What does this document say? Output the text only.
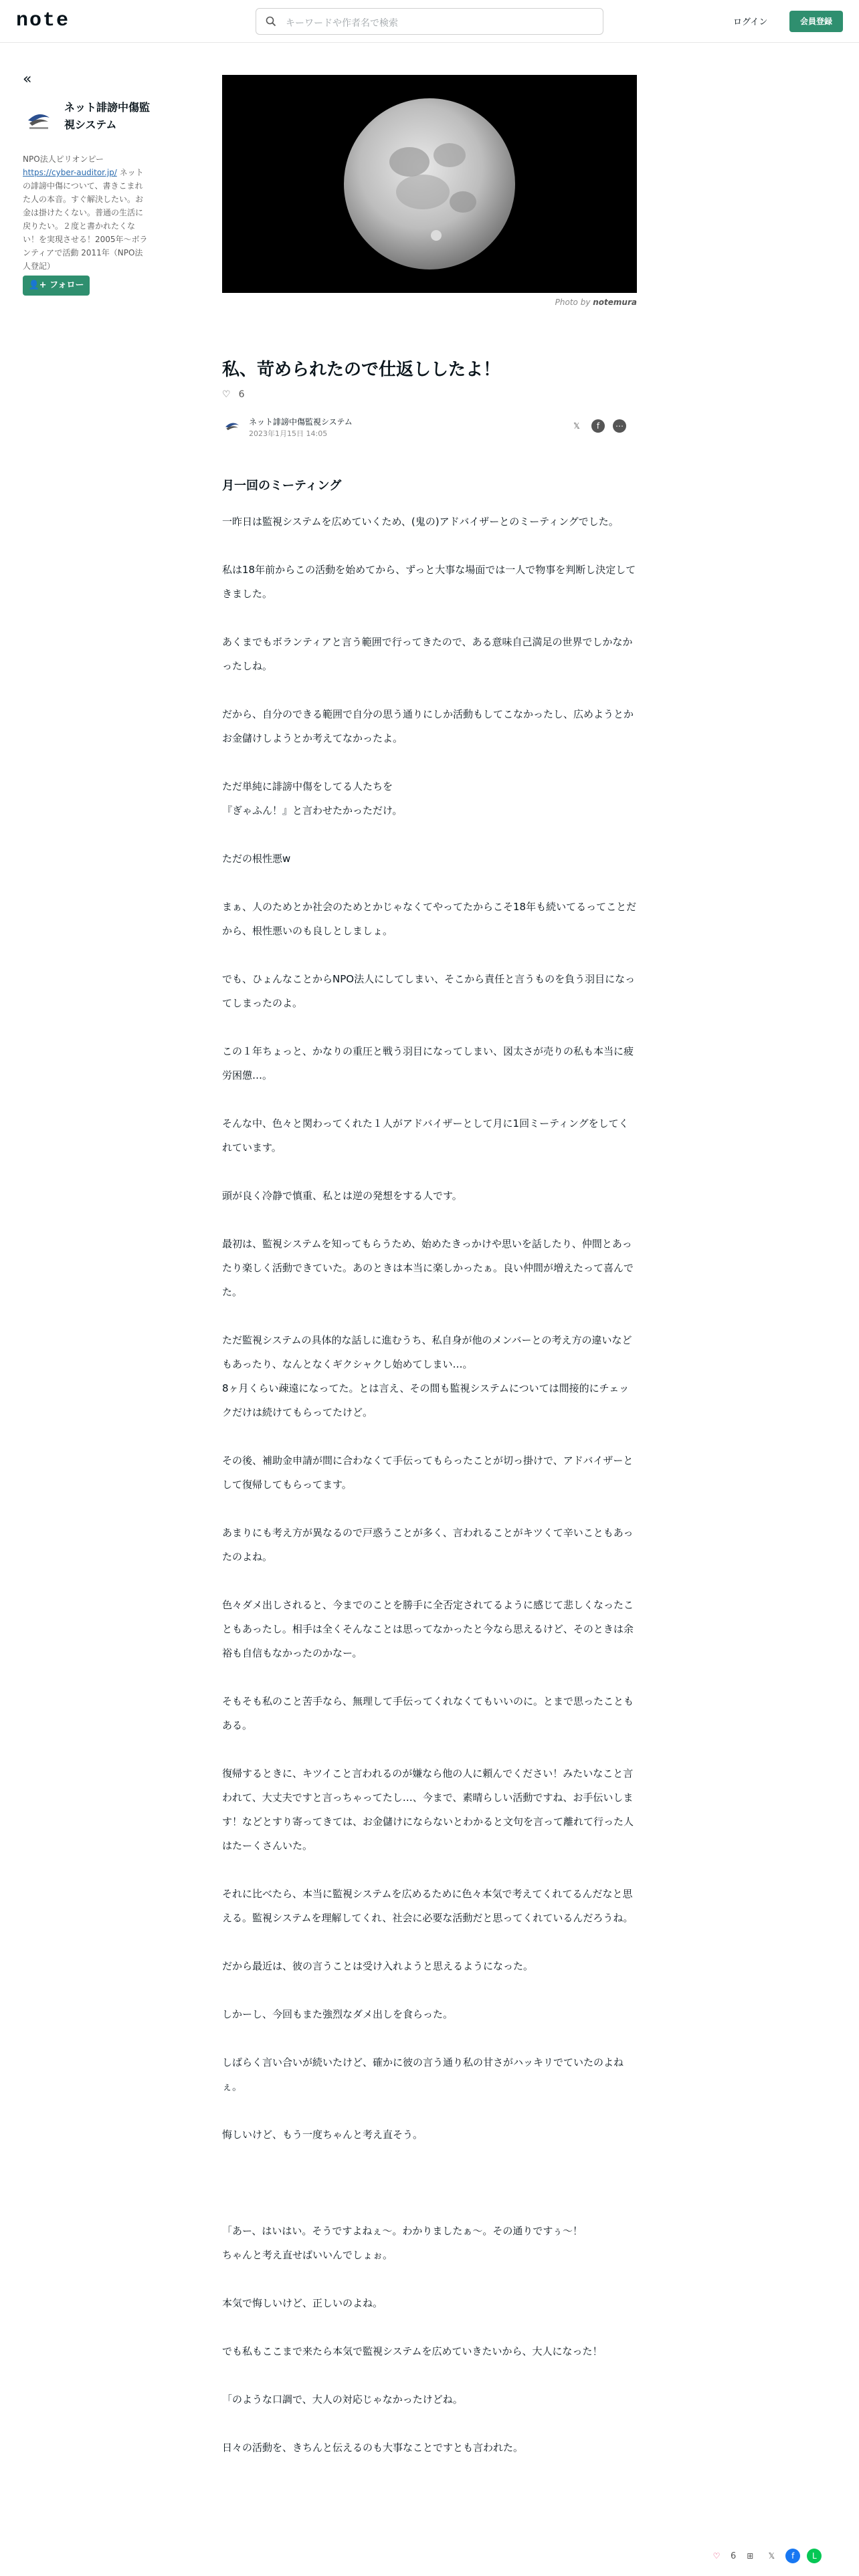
note	キーワードや作者名で検索	ログイン	会員登録
«
ネット誹謗中傷監視システム
NPO法人ピリオンピー
https://cyber-auditor.jp/ ネットの誹謗中傷について、書きこまれた人の本音。すぐ解決したい。お金は掛けたくない。普通の生活に戻りたい。２度と書かれたくない！を実現させる！2005年～ボランティアで活動 2011年（NPO法人登記）
👤+ フォロー
Photo by notemura
私、苛められたので仕返ししたよ！
♡ 6
ネット誹謗中傷監視システム
2023年1月15日 14:05
𝕏	f	⋯
月一回のミーティング

一昨日は監視システムを広めていくため、(鬼の)アドバイザーとのミーティングでした。

私は18年前からこの活動を始めてから、ずっと大事な場面では一人で物事を判断し決定してきました。

あくまでもボランティアと言う範囲で行ってきたので、ある意味自己満足の世界でしかなかったしね。

だから、自分のできる範囲で自分の思う通りにしか活動もしてこなかったし、広めようとかお金儲けしようとか考えてなかったよ。

ただ単純に誹謗中傷をしてる人たちを
『ぎゃふん！』と言わせたかっただけ。

ただの根性悪w

まぁ、人のためとか社会のためとかじゃなくてやってたからこそ18年も続いてるってことだから、根性悪いのも良しとしましょ。

でも、ひょんなことからNPO法人にしてしまい、そこから責任と言うものを負う羽目になってしまったのよ。

この１年ちょっと、かなりの重圧と戦う羽目になってしまい、図太さが売りの私も本当に疲労困憊…。

そんな中、色々と関わってくれた１人がアドバイザーとして月に1回ミーティングをしてくれています。

頭が良く冷静で慎重、私とは逆の発想をする人です。

最初は、監視システムを知ってもらうため、始めたきっかけや思いを話したり、仲間とあったり楽しく活動できていた。あのときは本当に楽しかったぁ。良い仲間が増えたって喜んでた。

ただ監視システムの具体的な話しに進むうち、私自身が他のメンバーとの考え方の違いなどもあったり、なんとなくギクシャクし始めてしまい…。
8ヶ月くらい疎遠になってた。とは言え、その間も監視システムについては間接的にチェックだけは続けてもらってたけど。

その後、補助金申請が間に合わなくて手伝ってもらったことが切っ掛けで、アドバイザーとして復帰してもらってます。

あまりにも考え方が異なるので戸惑うことが多く、言われることがキツくて辛いこともあったのよね。

色々ダメ出しされると、今までのことを勝手に全否定されてるように感じて悲しくなったこともあったし。相手は全くそんなことは思ってなかったと今なら思えるけど、そのときは余裕も自信もなかったのかなー。

そもそも私のこと苦手なら、無理して手伝ってくれなくてもいいのに。とまで思ったこともある。

復帰するときに、キツイこと言われるのが嫌なら他の人に頼んでください！みたいなこと言われて、大丈夫ですと言っちゃってたし…、今まで、素晴らしい活動ですね、お手伝いします！などとすり寄ってきては、お金儲けにならないとわかると文句を言って離れて行った人はたーくさんいた。

それに比べたら、本当に監視システムを広めるために色々本気で考えてくれてるんだなと思える。監視システムを理解してくれ、社会に必要な活動だと思ってくれているんだろうね。

だから最近は、彼の言うことは受け入れようと思えるようになった。

しかーし、今回もまた強烈なダメ出しを食らった。

しばらく言い合いが続いたけど、確かに彼の言う通り私の甘さがハッキリでていたのよねぇ。

悔しいけど、もう一度ちゃんと考え直そう。

「あー、はいはい。そうですよねぇ～。わかりましたぁ～。その通りですぅ～！
ちゃんと考え直せばいいんでしょぉ。

本気で悔しいけど、正しいのよね。

でも私もここまで来たら本気で監視システムを広めていきたいから、大人になった！

「のような口調で、大人の対応じゃなかったけどね。

日々の活動を、きちんと伝えるのも大事なことですとも言われた。

♡	6	⊞	𝕏	f	L
